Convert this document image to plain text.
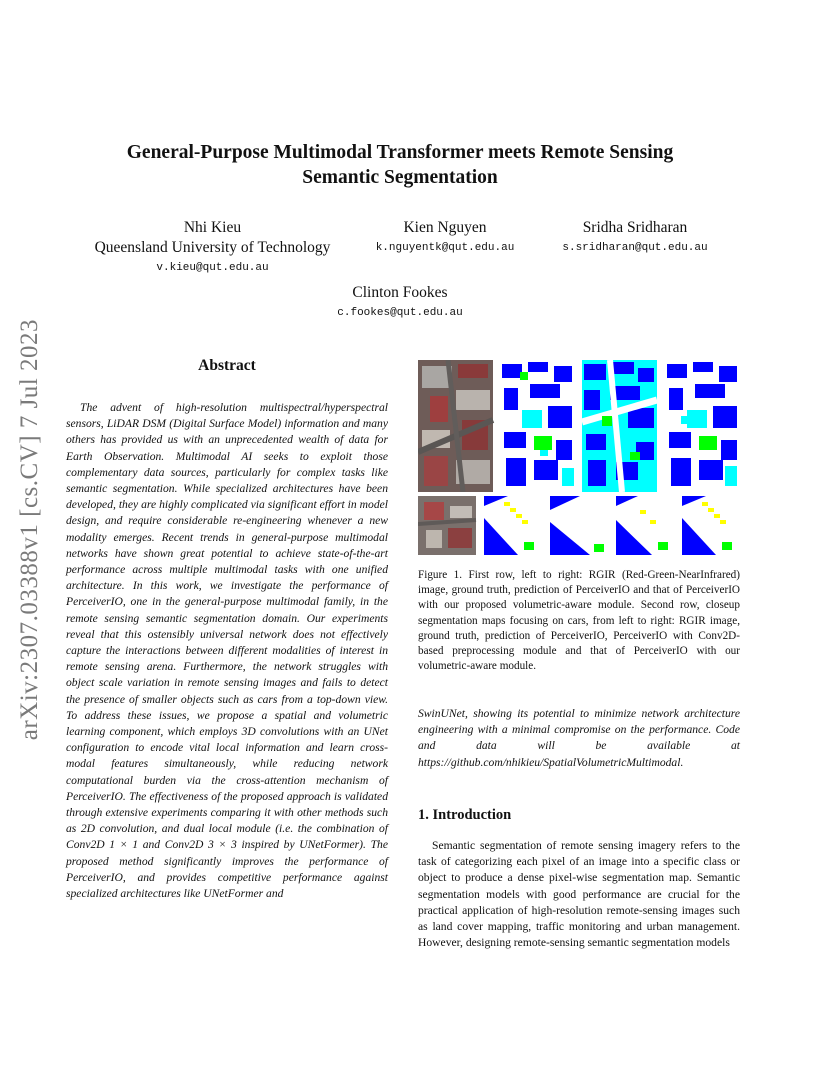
arXiv:2307.03388v1 [cs.CV] 7 Jul 2023
General-Purpose Multimodal Transformer meets Remote Sensing
Semantic Segmentation
Nhi Kieu
Queensland University of Technology
v.kieu@qut.edu.au
Kien Nguyen
k.nguyentk@qut.edu.au
Sridha Sridharan
s.sridharan@qut.edu.au
Clinton Fookes
c.fookes@qut.edu.au
Abstract
The advent of high-resolution multispectral/hyperspectral sensors, LiDAR DSM (Digital Surface Model) information and many others has provided us with an unprecedented wealth of data for Earth Observation. Multimodal AI seeks to exploit those complementary data sources, particularly for complex tasks like semantic segmentation. While specialized architectures have been developed, they are highly complicated via significant effort in model design, and require considerable re-engineering whenever a new modality emerges. Recent trends in general-purpose multimodal networks have shown great potential to achieve state-of-the-art performance across multiple multimodal tasks with one unified architecture. In this work, we investigate the performance of PerceiverIO, one in the general-purpose multimodal family, in the remote sensing semantic segmentation domain. Our experiments reveal that this ostensibly universal network does not effectively capture the interactions between different modalities of interest in remote sensing arena. Furthermore, the network struggles with object scale variation in remote sensing images and fails to detect the presence of smaller objects such as cars from a top-down view. To address these issues, we propose a spatial and volumetric learning component, which employs 3D convolutions with an UNet configuration to encode vital local information and learn cross-modal features simultaneously, while reducing network computational burden via the cross-attention mechanism of PerceiverIO. The effectiveness of the proposed approach is validated through extensive experiments comparing it with other methods such as 2D convolution, and dual local module (i.e. the combination of Conv2D 1 × 1 and Conv2D 3 × 3 inspired by UNetFormer). The proposed method significantly improves the performance of PerceiverIO, and provides competitive performance against specialized architectures like UNetFormer and
Figure 1. First row, left to right: RGIR (Red-Green-NearInfrared) image, ground truth, prediction of PerceiverIO and that of PerceiverIO with our proposed volumetric-aware module. Second row, closeup segmentation maps focusing on cars, from left to right: RGIR image, ground truth, prediction of PerceiverIO, PerceiverIO with Conv2D-based preprocessing module and that of PerceiverIO with our volumetric-aware module.
SwinUNet, showing its potential to minimize network architecture engineering with a minimal compromise on the performance. Code and data will be available at https://github.com/nhikieu/SpatialVolumetricMultimodal.
1. Introduction
Semantic segmentation of remote sensing imagery refers to the task of categorizing each pixel of an image into a specific class or object to produce a dense pixel-wise segmentation map. Semantic segmentation models with good performance are crucial for the practical application of high-resolution remote-sensing images such as land cover mapping, traffic monitoring and urban management. However, designing remote-sensing semantic segmentation models
